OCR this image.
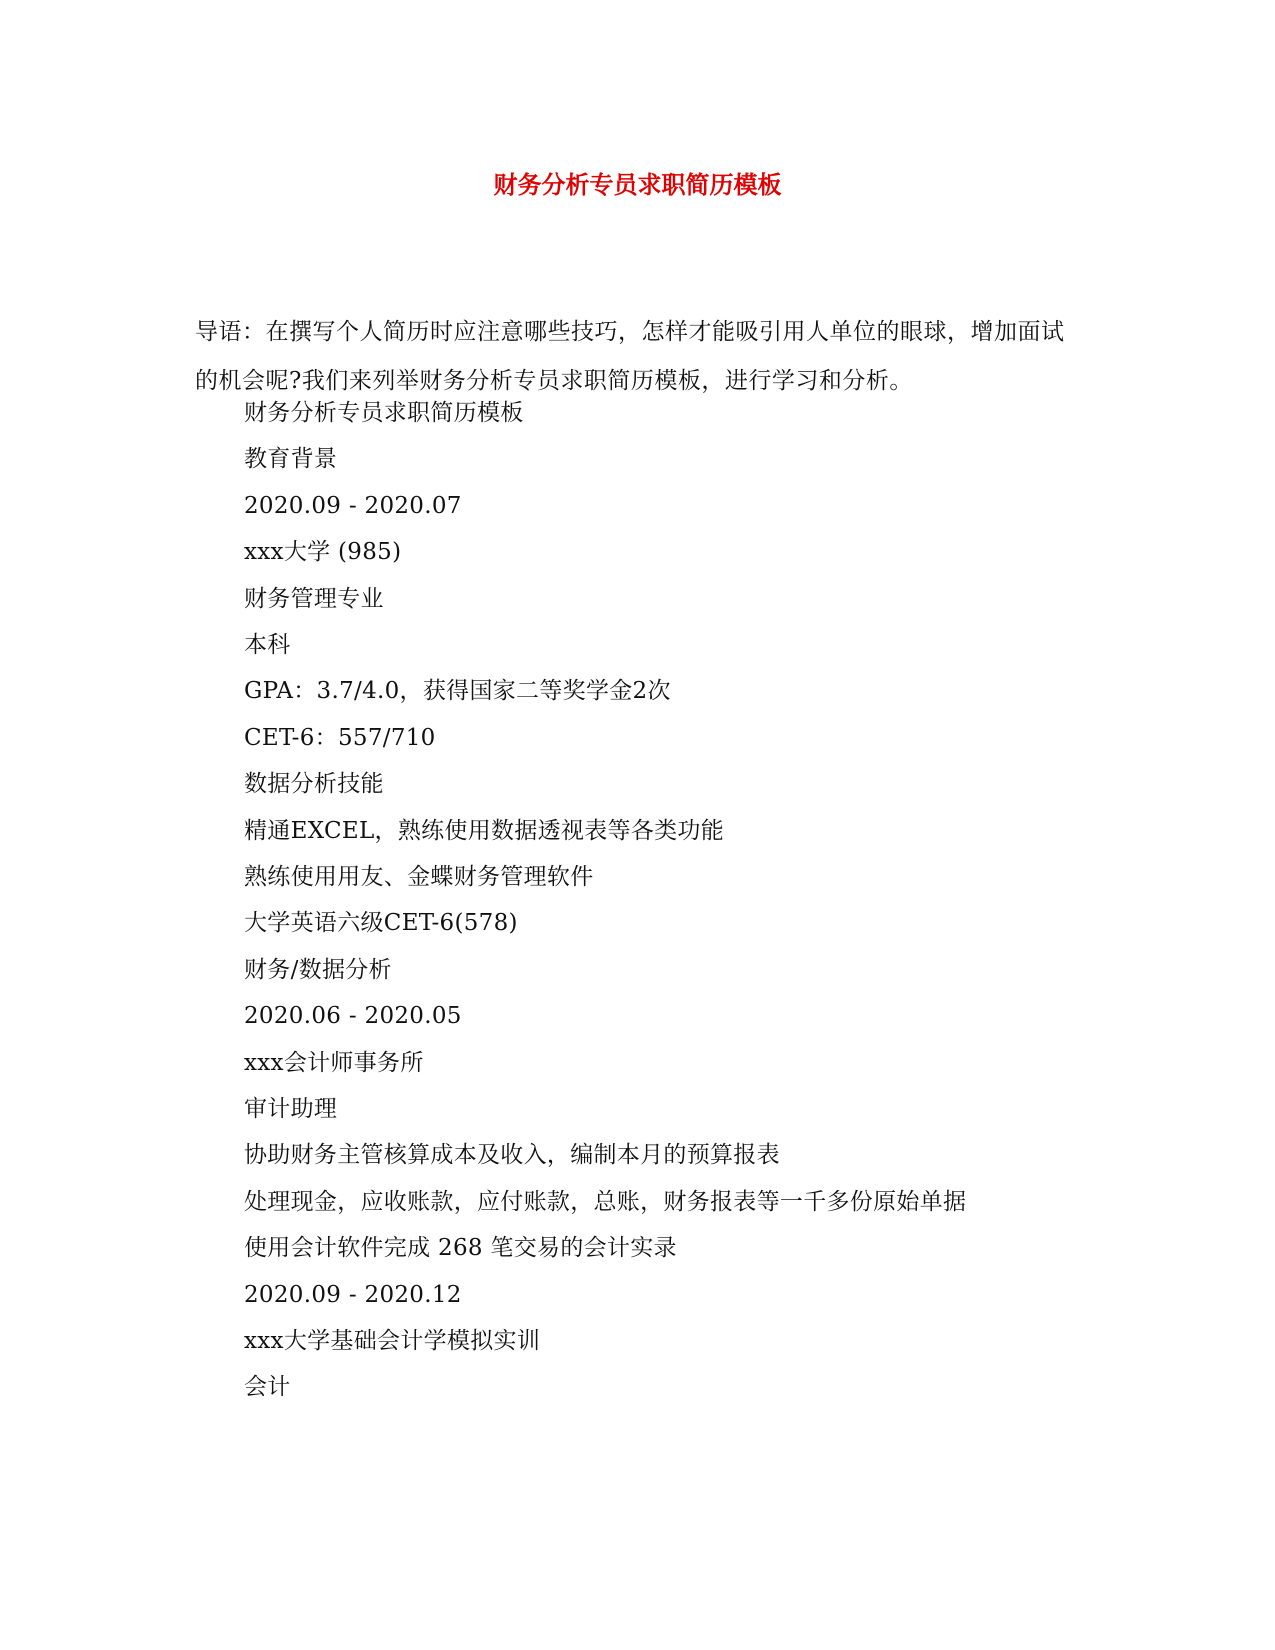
财务分析专员求职简历模板

导语：在撰写个人简历时应注意哪些技巧，怎样才能吸引用人单位的眼球，增加面试的机会呢?我们来列举财务分析专员求职简历模板，进行学习和分析。

财务分析专员求职简历模板

教育背景

2020.09 - 2020.07

xxx大学 (985)

财务管理专业

本科

GPA：3.7/4.0，获得国家二等奖学金2次

CET-6：557/710

数据分析技能

精通EXCEL，熟练使用数据透视表等各类功能

熟练使用用友、金蝶财务管理软件

大学英语六级CET-6(578)

财务/数据分析

2020.06 - 2020.05

xxx会计师事务所

审计助理

协助财务主管核算成本及收入，编制本月的预算报表

处理现金，应收账款，应付账款，总账，财务报表等一千多份原始单据

使用会计软件完成 268 笔交易的会计实录

2020.09 - 2020.12

xxx大学基础会计学模拟实训

会计
